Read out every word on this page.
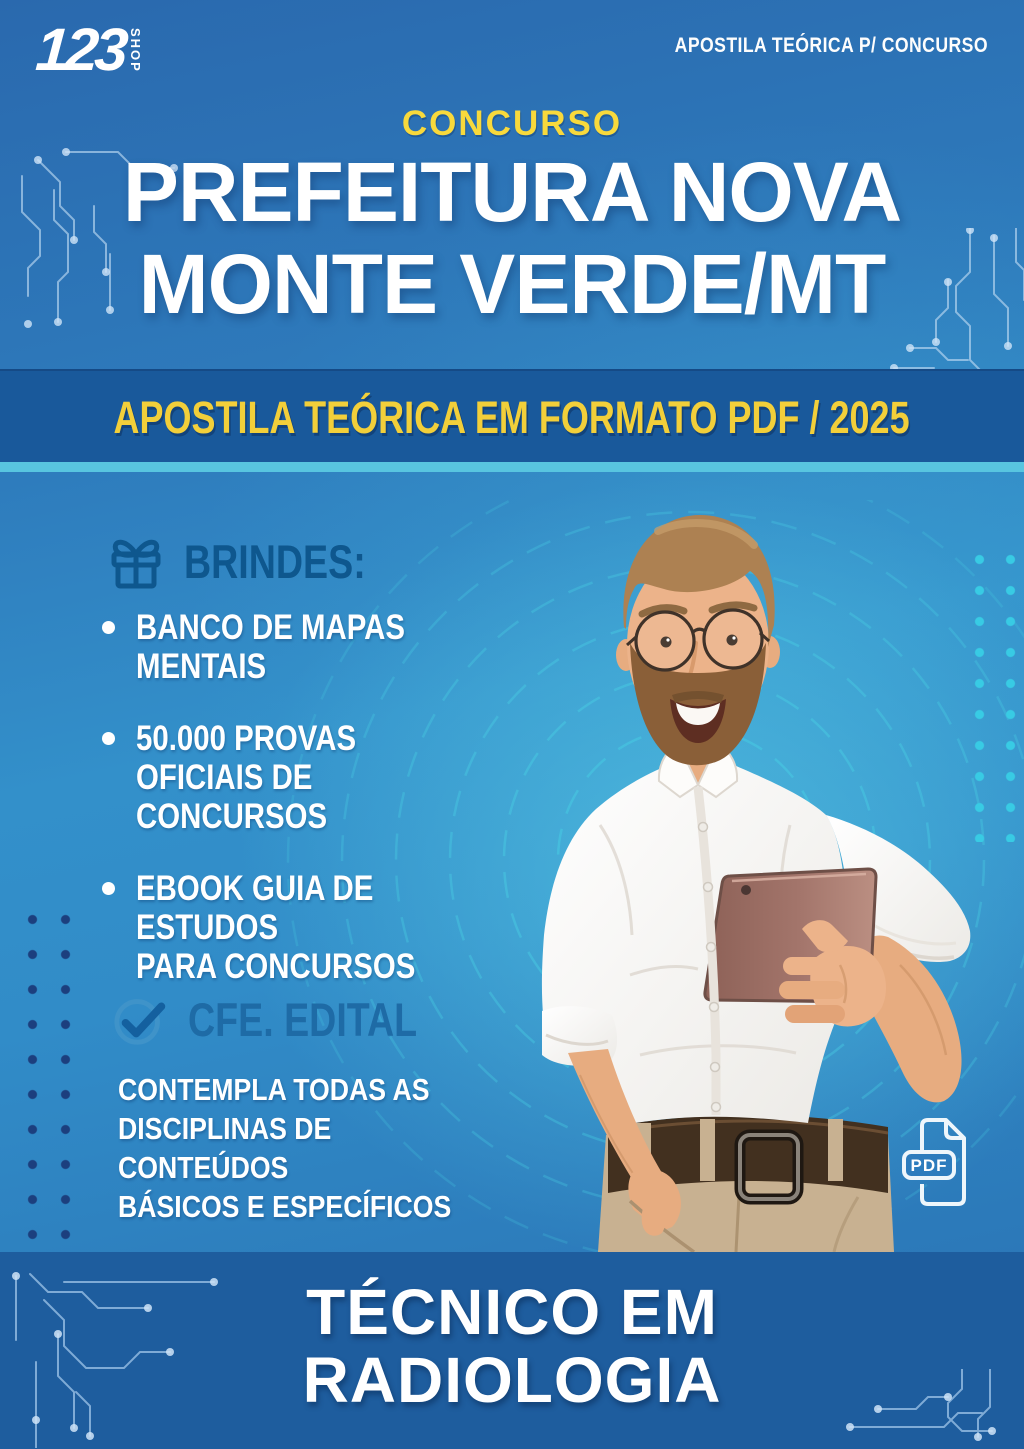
123 SHOP	APOSTILA TEÓRICA P/ CONCURSO
CONCURSO
PREFEITURA NOVA
MONTE VERDE/MT
APOSTILA TEÓRICA EM FORMATO PDF / 2025
BRINDES:
BANCO DE MAPAS
MENTAIS
50.000 PROVAS
OFICIAIS DE CONCURSOS
EBOOK GUIA DE ESTUDOS
PARA CONCURSOS
CFE. EDITAL
CONTEMPLA TODAS AS
DISCIPLINAS DE CONTEÚDOS
BÁSICOS E ESPECÍFICOS
PDF
TÉCNICO EM
RADIOLOGIA
